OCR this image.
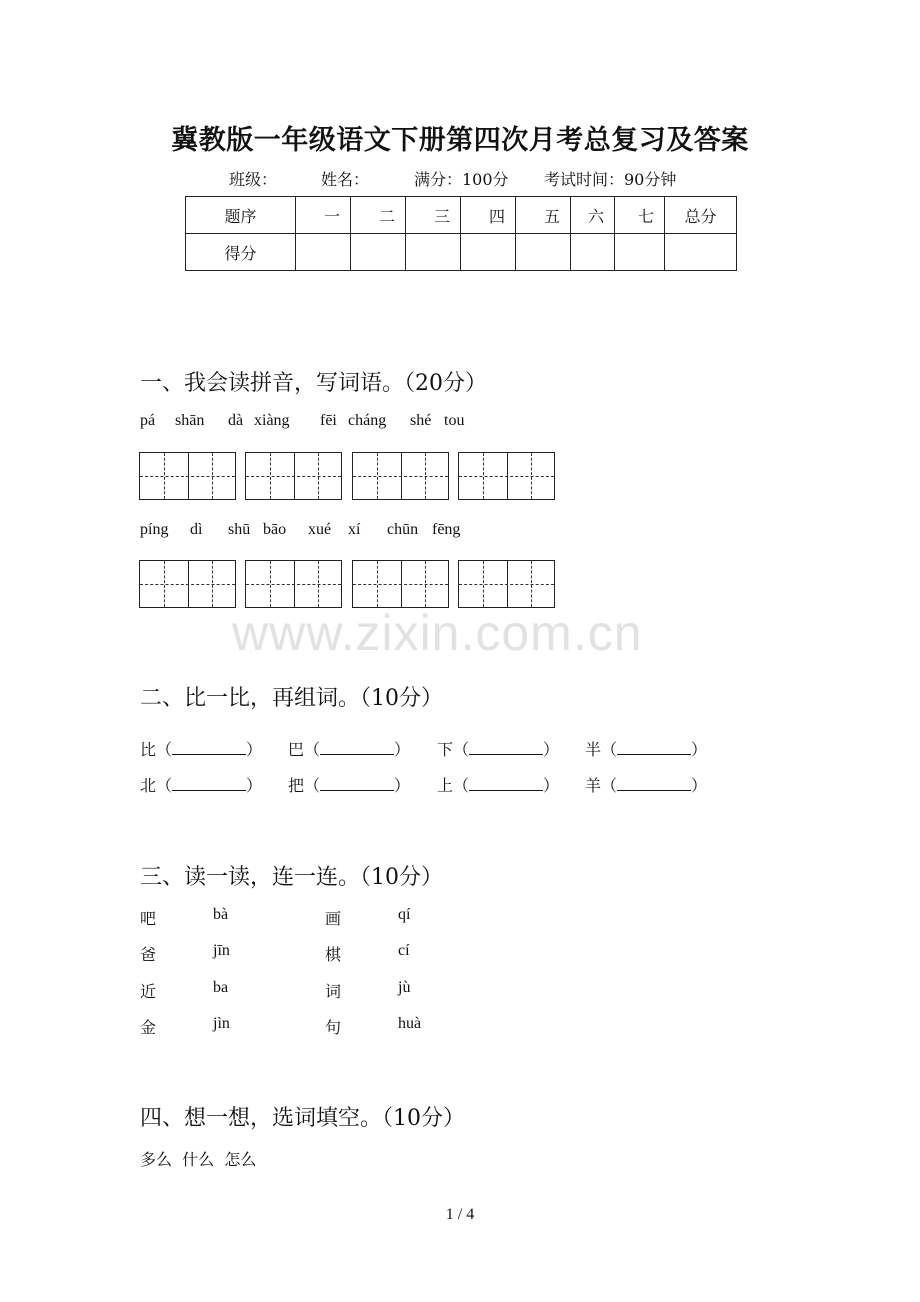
冀教版一年级语文下册第四次月考总复习及答案
班级：	姓名：	满分：100分 考试时间：90分钟
题序	一	二	三	四	五	六	七	总分
得分								
一、我会读拼音，写词语。（20分）
pá shān dà xiàng fēi cháng shé tou
píng dì shū bāo xué xí chūn fēng
www.zixin.com.cn
二、比一比，再组词。（10分）
比（	） 巴（	） 下（	） 半（	）
北（	） 把（	） 上（	） 羊（	）
三、读一读，连一连。（10分）
吧	bà	画	qí
爸	jīn	棋	cí
近	ba	词	jù
金	jìn	句	huà
四、想一想，选词填空。（10分）
多么  什么  怎么
1 / 4
